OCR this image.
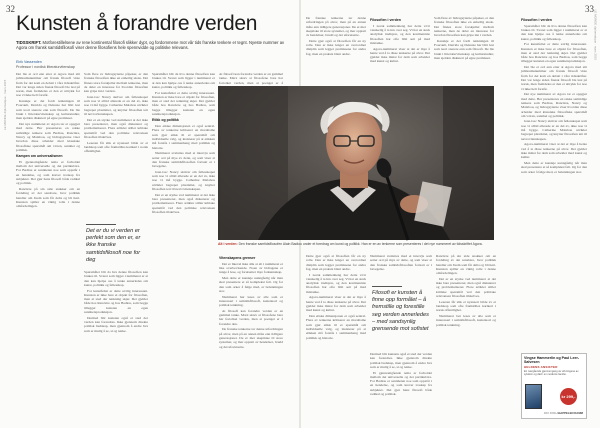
32	33
LE MONDE diplomatique · mars 2015
LE MONDE diplomatique · mars 2015
Kunsten å forandre verden
TIDSSKRIFT. Motforestillelsene av rene kontinental filosofi slikker dypt, og fordommene mot vår tids franske tenkere er tegnt. Nyeste nummer av Agora om fransk samtidsfilosofi viser denne filosofiens hele spennvidde og politiske relevans.
Eirik Vassenden
Professor i nordisk litteraturvitenskap

Det ble et ord enn etter at Agora med sitt jubileumsnummer om fransk filosofi viste frem for det kom en debatt i våre tidsskrifter. Det var lenge siden fransk filosofi ble lest på norsk, men fremdeles er den et uttrykk for noe vi ikke helt forstår.

Kanskje er det fordi tenkningen til Foucault, Derrida og Deleuze har blitt lest som teori snarere enn som filosofi. De ble brukt i litteraturvitenskap og kulturstudier, men sjelden diskutert på egne premisser.

Det nye nummeret av Agora tar et oppgjør med dette. Her presenteres en rekke samtidige tenkere som Badiou, Rancière, Nancy og Malabou, og bidragsyterne viser hvordan disse arbeider med klassiske filosofiske spørsmål om væren, sannhet og politikk.

Kampen om universalismen

Et gjennomgående tema er forholdet mellom det universelle og det partikulære. For Badiou er sannheten noe som oppstår i en hendelse, og som krever troskap fra subjektet. Det gjør hans filosofi både radikal og politisk.

Rancière på sin side snakker om en fordeling av det sansbare, hvor politikk handler om hvem som får delta og bli hørt. Kunsten spiller en viktig rolle i denne omfordelingen.

Som flere av bidragsyterne påpeker, er den franske filosofien ikke en enhetlig skole. Det finnes store forskjeller mellom tenkerne, men de deler en interesse for hvordan filosofien kan gripe inn i verden.

Jean-Luc Nancy skriver om fellesskapet som noe vi alltid allerede er en del av, ikke noe vi må bygge. Catherine Malabou utvikler begrepet plastisitet, og knytter filosofien tett til nevrovitenskapen.

Det er en styrke ved nummeret at det ikke bare presenterer, men også diskuterer og problematiserer. Flere artikler stiller kritiske spørsmål ved den politiske relevansen filosofien tilskrives.

Leseren får slik et nyansert bilde av et landskap som ofte framstilles karikert i norsk offentlighet.

Det er du vi verden er perfekt som den er, er ikke franske samtidsfilosofi noe for deg

Spørsmålet blir da hva denne filosofien kan brukes til. Svaret som ligger i nummeret er at den kan hjelpe oss å tenke annerledes om kunst, politikk og fellesskap.

For kunstfeltet er dette særlig interessant. Kunsten er ikke bare et objekt for filosofien, men et sted der tenkning skjer. Det gjelder både hos Rancière og hos Badiou, som begge tillegger kunsten en egen sannhetsproduksjon.

Dermed blir kunsten også et sted der verden kan forandres. Ikke gjennom direkte politisk budskap, men gjennom å endre hva som er mulig å se, si og tenke.

Spørsmålet blir da hva denne filosofien kan brukes til. Svaret som ligger i nummeret er at den kan hjelpe oss å tenke annerledes om kunst, politikk og fellesskap.

For kunstfeltet er dette særlig interessant. Kunsten er ikke bare et objekt for filosofien, men et sted der tenkning skjer. Det gjelder både hos Rancière og hos Badiou, som begge tillegger kunsten en egen sannhetsproduksjon.

Etikk og politikk

Den etiske dimensjonen er også sentral. Flere av tenkerne kritiserer en moralisme som gjør etikk til et spørsmål om individuelle valg, og insisterer på at etikken må forstås i sammenheng med politikk og historie.

Nummeret avsluttes med et intervju som setter ord på mye av dette, og som viser at den franske samtidsfilosofien fortsatt er i bevegelse.

Jean-Luc Nancy skriver om fellesskapet som noe vi alltid allerede er en del av, ikke noe vi må bygge. Catherine Malabou utvikler begrepet plastisitet, og knytter filosofien tett til nevrovitenskapen.

Det er en styrke ved nummeret at det ikke bare presenterer, men også diskuterer og problematiserer. Flere artikler stiller kritiske spørsmål ved den politiske relevansen filosofien tilskrives.

At filosofi kan forandre verden er en gammel tanke. Marx skrev at filosofene bare har fortolket verden, men at poenget er å

De franske tenkerne tar denne utfordringen på alvor, men på en annen måte enn tidligere generasjoner. De er mer skeptiske til store systemer, og mer opptatt av hendelser, brudd og det uforutsette.

Dette gjør også at filosofien får en ny rolle. Den er ikke lenger en overordnet disiplin som legger premissene for andre fag, men en praksis blant andre.

Filosofien i verden

I norsk sammenheng har dette vært vanskelig å ta inn over seg. Vi har en sterk analytisk tradisjon, og den kontinentale filosofien har ofte blitt sett på med mistanke.

Agora-nummeret viser at det er mye å hente ved å ta disse tenkerne på alvor. Det gjelder ikke minst for dem som arbeider med kunst og kultur.

Som flere av bidragsyterne påpeker, er den franske filosofien ikke en enhetlig skole. Det finnes store forskjeller mellom tenkerne, men de deler en interesse for hvordan filosofien kan gripe inn i verden.

Kanskje er det fordi tenkningen til Foucault, Derrida og Deleuze har blitt lest som teori snarere enn som filosofi. De ble brukt i litteraturvitenskap og kulturstudier, men sjelden diskutert på egne premisser.

Alt i verden: Den franske samtidsfilosofen Alain Badiou under et foredrag om kunst og politikk. Han er en av tenkerne som presenteres i det nye nummeret av tidsskriftet Agora.

Vitenskapens grenser

Det er likevel ikke slik at alt i nummeret er like overbevisende. Noen av bidragene er tunge å lese, og forutsetter mye forkunnskap.

Men dette er kanskje uunngåelig når man skal presentere et så komplekst felt. Og for den som orker å følge med, er belønningen stor.

Nummeret bør leses av alle som er interessert i samtidsfilosofi, kunstteori og politisk tenkning.

At filosofi kan forandre verden er en gammel tanke. Marx skrev at filosofene bare har fortolket verden, men at poenget er å forandre den.

De franske tenkerne tar denne utfordringen på alvor, men på en annen måte enn tidligere generasjoner. De er mer skeptiske til store systemer, og mer opptatt av hendelser, brudd og det uforutsette.

Dette gjør også at filosofien får en ny rolle. Den er ikke lenger en overordnet disiplin som legger premissene for andre fag, men en praksis blant andre.

I norsk sammenheng har dette vært vanskelig å ta inn over seg. Vi har en sterk analytisk tradisjon, og den kontinentale filosofien har ofte blitt sett på med mistanke.

Agora-nummeret viser at det er mye å hente ved å ta disse tenkerne på alvor. Det gjelder ikke minst for dem som arbeider med kunst og kultur.

Den etiske dimensjonen er også sentral. Flere av tenkerne kritiserer en moralisme som gjør etikk til et spørsmål om individuelle valg, og insisterer på at etikken må forstås i sammenheng med politikk og historie.

Nummeret avsluttes med et intervju som setter ord på mye av dette, og som viser at den franske samtidsfilosofien fortsatt er i bevegelse.

Filosofi er kunsten å finne opp formålet – å fremstille og forestille seg verden annerledes – med sandsynlig grensende mot sofistet

Dermed blir kunsten også et sted der verden kan forandres. Ikke gjennom direkte politisk budskap, men gjennom å endre hva som er mulig å se, si og tenke.

Et gjennomgående tema er forholdet mellom det universelle og det partikulære. For Badiou er sannheten noe som oppstår i en hendelse, og som krever troskap fra subjektet. Det gjør hans filosofi både radikal og politisk.

Rancière på sin side snakker om en fordeling av det sansbare, hvor politikk handler om hvem som får delta og bli hørt. Kunsten spiller en viktig rolle i denne omfordelingen.

Det er en styrke ved nummeret at det ikke bare presenterer, men også diskuterer og problematiserer. Flere artikler stiller kritiske spørsmål ved den politiske relevansen filosofien tilskrives.

Leseren får slik et nyansert bilde av et landskap som ofte framstilles karikert i norsk offentlighet.

Nummeret bør leses av alle som er interessert i samtidsfilosofi, kunstteori og politisk tenkning.

Filosofien i verden

Spørsmålet blir da hva denne filosofien kan brukes til. Svaret som ligger i nummeret er at den kan hjelpe oss å tenke annerledes om kunst, politikk og fellesskap.

For kunstfeltet er dette særlig interessant. Kunsten er ikke bare et objekt for filosofien, men et sted der tenkning skjer. Det gjelder både hos Rancière og hos Badiou, som begge tillegger kunsten en egen sannhetsproduksjon.

Det ble et ord enn etter at Agora med sitt jubileumsnummer om fransk filosofi viste frem for det kom en debatt i våre tidsskrifter. Det var lenge siden fransk filosofi ble lest på norsk, men fremdeles er den et uttrykk for noe vi ikke helt forstår.

Det nye nummeret av Agora tar et oppgjør med dette. Her presenteres en rekke samtidige tenkere som Badiou, Rancière, Nancy og Malabou, og bidragsyterne viser hvordan disse arbeider med klassiske filosofiske spørsmål om væren, sannhet og politikk.

Jean-Luc Nancy skriver om fellesskapet som noe vi alltid allerede er en del av, ikke noe vi må bygge. Catherine Malabou utvikler begrepet plastisitet, og knytter filosofien tett til nevrovitenskapen.

Agora-nummeret viser at det er mye å hente ved å ta disse tenkerne på alvor. Det gjelder ikke minst for dem som arbeider med kunst og kultur.

Men dette er kanskje uunngåelig når man skal presentere et så komplekst felt. Og for den som orker å følge med, er belønningen stor.

Vingse Hammerlin og Paul Leer-Salvesen
HELDENS ANSIKTER
En nærgående gjennomgang av virkningene av sykdom og død i en moderne familie.
kr 299,-
PAX FORLAG
CAPPELEN DAMM
